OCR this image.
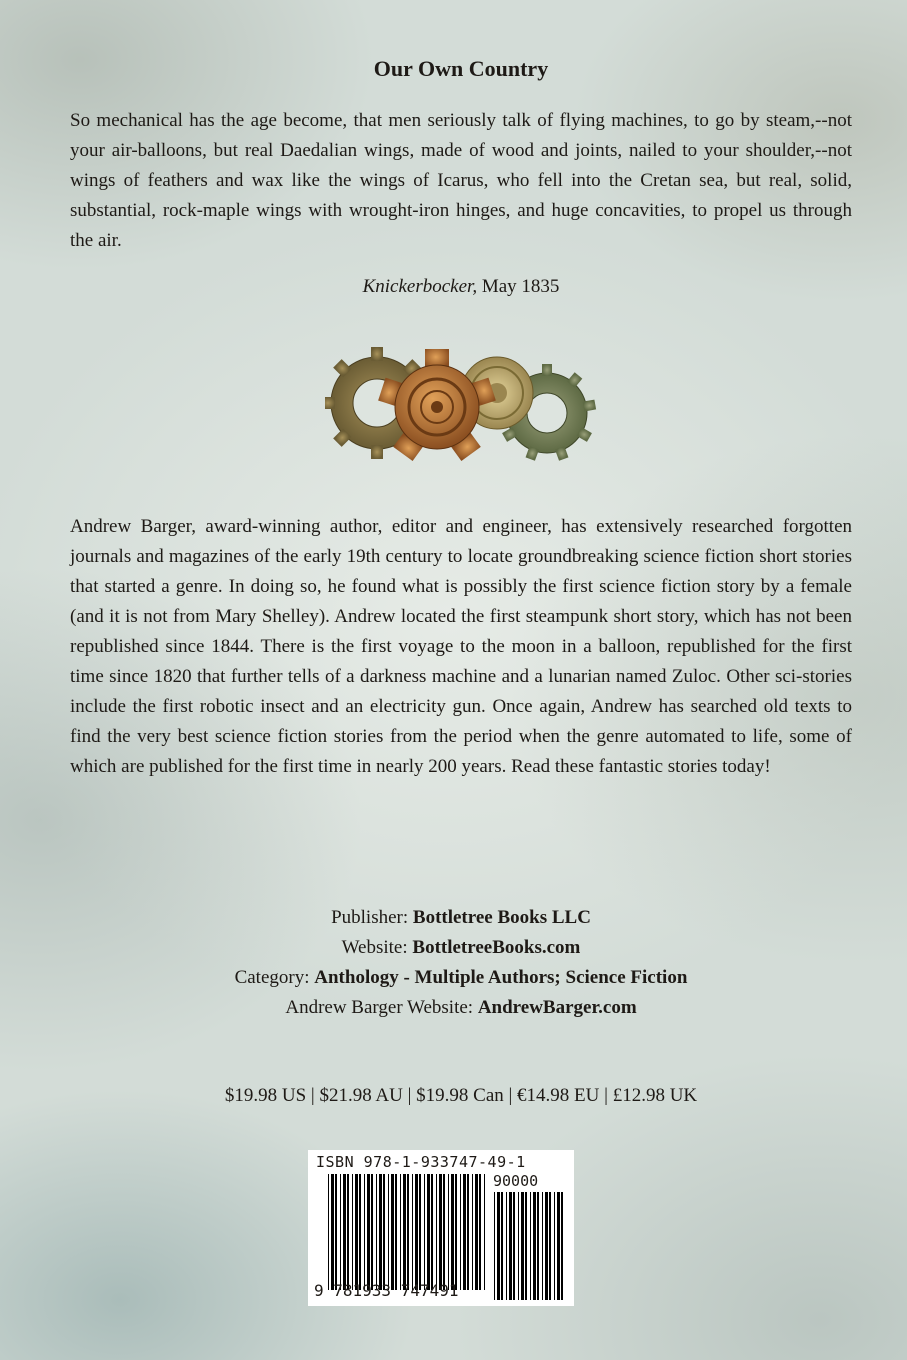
Our Own Country

So mechanical has the age become, that men seriously talk of flying machines, to go by steam,--not your air-balloons, but real Daedalian wings, made of wood and joints, nailed to your shoulder,--not wings of feathers and wax like the wings of Icarus, who fell into the Cretan sea, but real, solid, substantial, rock-maple wings with wrought-iron hinges, and huge concavities, to propel us through the air.

Knickerbocker, May 1835

Andrew Barger, award-winning author, editor and engineer, has extensively researched forgotten journals and magazines of the early 19th century to locate groundbreaking science fiction short stories that started a genre. In doing so, he found what is possibly the first science fiction story by a female (and it is not from Mary Shelley). Andrew located the first steampunk short story, which has not been republished since 1844. There is the first voyage to the moon in a balloon, republished for the first time since 1820 that further tells of a darkness machine and a lunarian named Zuloc. Other sci-stories include the first robotic insect and an electricity gun. Once again, Andrew has searched old texts to find the very best science fiction stories from the period when the genre automated to life, some of which are published for the first time in nearly 200 years. Read these fantastic stories today!

Publisher: Bottletree Books LLC
Website: BottletreeBooks.com
Category: Anthology - Multiple Authors; Science Fiction
Andrew Barger Website: AndrewBarger.com
$19.98 US | $21.98 AU | $19.98 Can | €14.98 EU | £12.98 UK
ISBN 978-1-933747-49-1
90000
9 781933 747491
